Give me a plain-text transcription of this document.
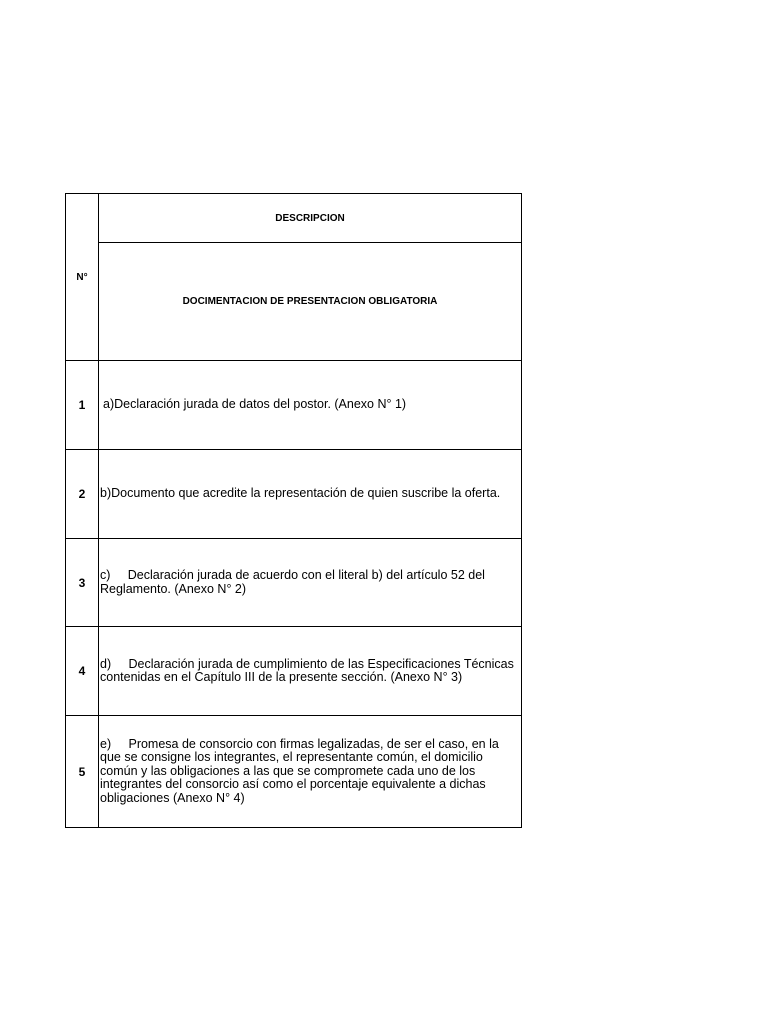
N°	DESCRIPCION
	DOCIMENTACION DE PRESENTACION OBLIGATORIA
1	a)Declaración jurada de datos del postor. (Anexo N° 1)
2	b)Documento que acredite la representación de quien suscribe la oferta.
3	c)     Declaración jurada de acuerdo con el literal b) del artículo 52 del Reglamento. (Anexo N° 2)
4	d)     Declaración jurada de cumplimiento de las Especificaciones Técnicas contenidas en el Capítulo III de la presente sección. (Anexo N° 3)
5	e)     Promesa de consorcio con firmas legalizadas, de ser el caso, en la que se consigne los integrantes, el representante común, el domicilio común y las obligaciones a las que se compromete cada uno de los integrantes del consorcio así como el porcentaje equivalente a dichas obligaciones (Anexo N° 4)
